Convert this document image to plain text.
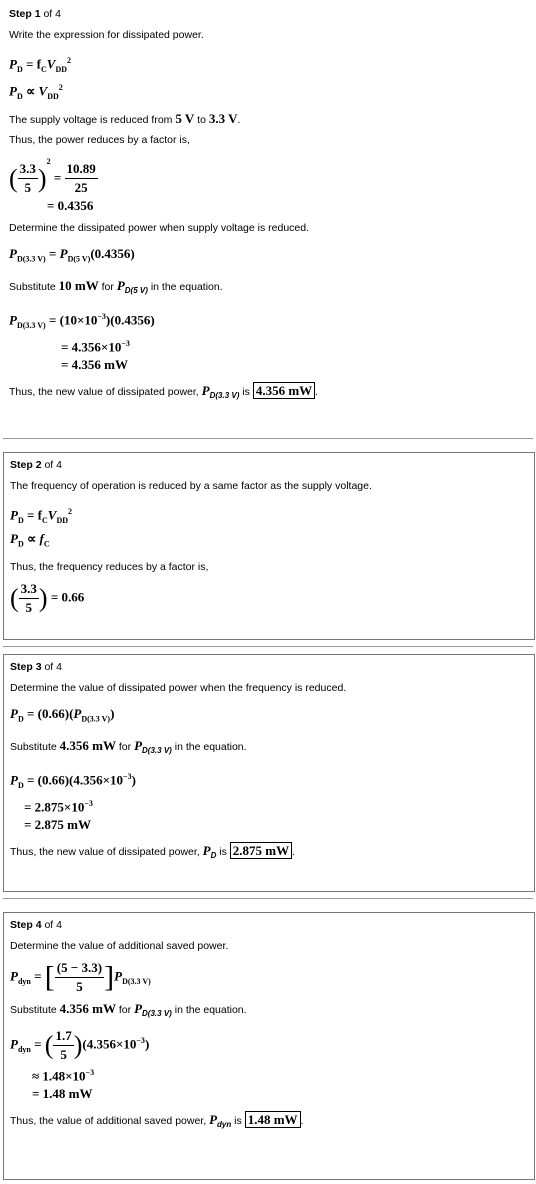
Step 1 of 4
Write the expression for dissipated power.
$P_D = f_CV_{DD}^2$
$P_D \propto V_{DD}^2$
The supply voltage is reduced from 5 V to 3.3 V.
Thus, the power reduces by a factor is,
( $\frac{3.3}{5} )^2 = \frac{10.89}{25}$
= 0.4356
Determine the dissipated power when supply voltage is reduced.
$P_{D(3.3 V)} = P_{D(5 V)}(0.4356)$
Substitute 10 mW for $P_{D(5 V)}$ in the equation.
$P_{D(3.3 V)} = (10\times 10^{-3})(0.4356)$
= $4.356\times 10^{-3}$
= 4.356 mW
Thus, the new value of dissipated power, $P_{D(3.3 V)}$ is 4.356 mW .
Step 2 of 4
The frequency of operation is reduced by a same factor as the supply voltage.
$P_D = f_CV_{DD}^2$
$P_D \propto f_C$
Thus, the frequency reduces by a factor is,
( $\frac{3.3}{5}$ ) = 0.66
Step 3 of 4
Determine the value of dissipated power when the frequency is reduced.
$P_D = (0.66)(P_{D(3.3 V)})$
Substitute 4.356 mW for $P_{D(3.3 V)}$ in the equation.
$P_D = (0.66)(4.356\times 10^{-3})$
= $2.875\times 10^{-3}$
= 2.875 mW
Thus, the new value of dissipated power, $P_D$ is 2.875 mW .
Step 4 of 4
Determine the value of additional saved power.
$P_{dyn}$ = [ $\frac{(5 - 3.3)}{5} ]P_{D(3.3 V)}$
Substitute 4.356 mW for $P_{D(3.3 V)}$ in the equation.
$P_{dyn}$ = ( $\frac{1.7}{5} )(4.356\times 10^{-3})$
≈ $1.48\times 10^{-3}$
= 1.48 mW
Thus, the value of additional saved power, $P_{dyn}$ is 1.48 mW .
